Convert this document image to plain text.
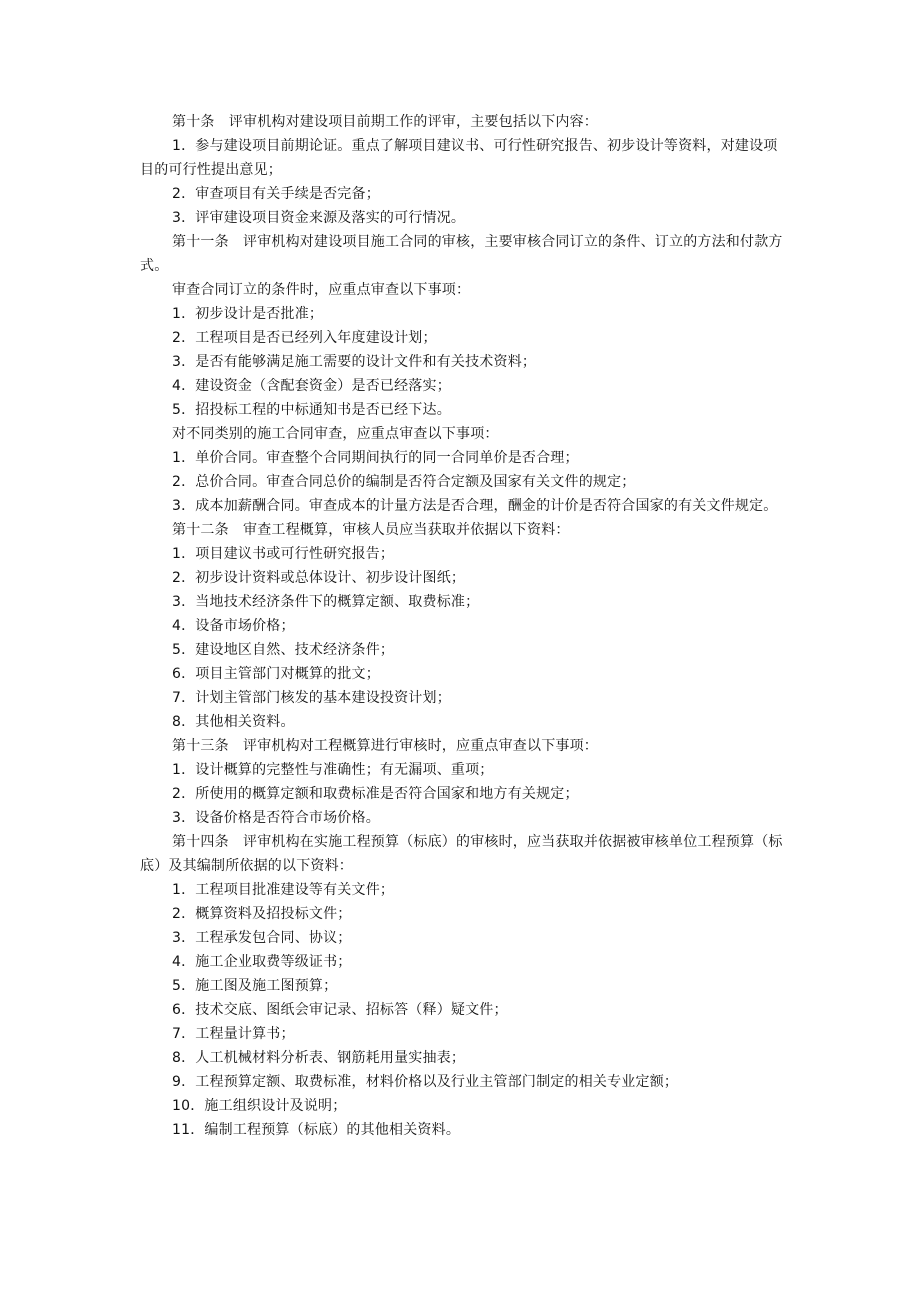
第十条　评审机构对建设项目前期工作的评审，主要包括以下内容：

1．参与建设项目前期论证。重点了解项目建议书、可行性研究报告、初步设计等资料，对建设项目的可行性提出意见；

2．审查项目有关手续是否完备；

3．评审建设项目资金来源及落实的可行情况。

第十一条　评审机构对建设项目施工合同的审核，主要审核合同订立的条件、订立的方法和付款方式。

审查合同订立的条件时，应重点审查以下事项：

1．初步设计是否批准；

2．工程项目是否已经列入年度建设计划；

3．是否有能够满足施工需要的设计文件和有关技术资料；

4．建设资金（含配套资金）是否已经落实；

5．招投标工程的中标通知书是否已经下达。

对不同类别的施工合同审查，应重点审查以下事项：

1．单价合同。审查整个合同期间执行的同一合同单价是否合理；

2．总价合同。审查合同总价的编制是否符合定额及国家有关文件的规定；

3．成本加薪酬合同。审查成本的计量方法是否合理，酬金的计价是否符合国家的有关文件规定。

第十二条　审查工程概算，审核人员应当获取并依据以下资料：

1．项目建议书或可行性研究报告；

2．初步设计资料或总体设计、初步设计图纸；

3．当地技术经济条件下的概算定额、取费标准；

4．设备市场价格；

5．建设地区自然、技术经济条件；

6．项目主管部门对概算的批文；

7．计划主管部门核发的基本建设投资计划；

8．其他相关资料。

第十三条　评审机构对工程概算进行审核时，应重点审查以下事项：

1．设计概算的完整性与准确性；有无漏项、重项；

2．所使用的概算定额和取费标准是否符合国家和地方有关规定；

3．设备价格是否符合市场价格。

第十四条　评审机构在实施工程预算（标底）的审核时，应当获取并依据被审核单位工程预算（标底）及其编制所依据的以下资料：

1．工程项目批准建设等有关文件；

2．概算资料及招投标文件；

3．工程承发包合同、协议；

4．施工企业取费等级证书；

5．施工图及施工图预算；

6．技术交底、图纸会审记录、招标答（释）疑文件；

7．工程量计算书；

8．人工机械材料分析表、钢筋耗用量实抽表；

9．工程预算定额、取费标准，材料价格以及行业主管部门制定的相关专业定额；

10．施工组织设计及说明；

11．编制工程预算（标底）的其他相关资料。
